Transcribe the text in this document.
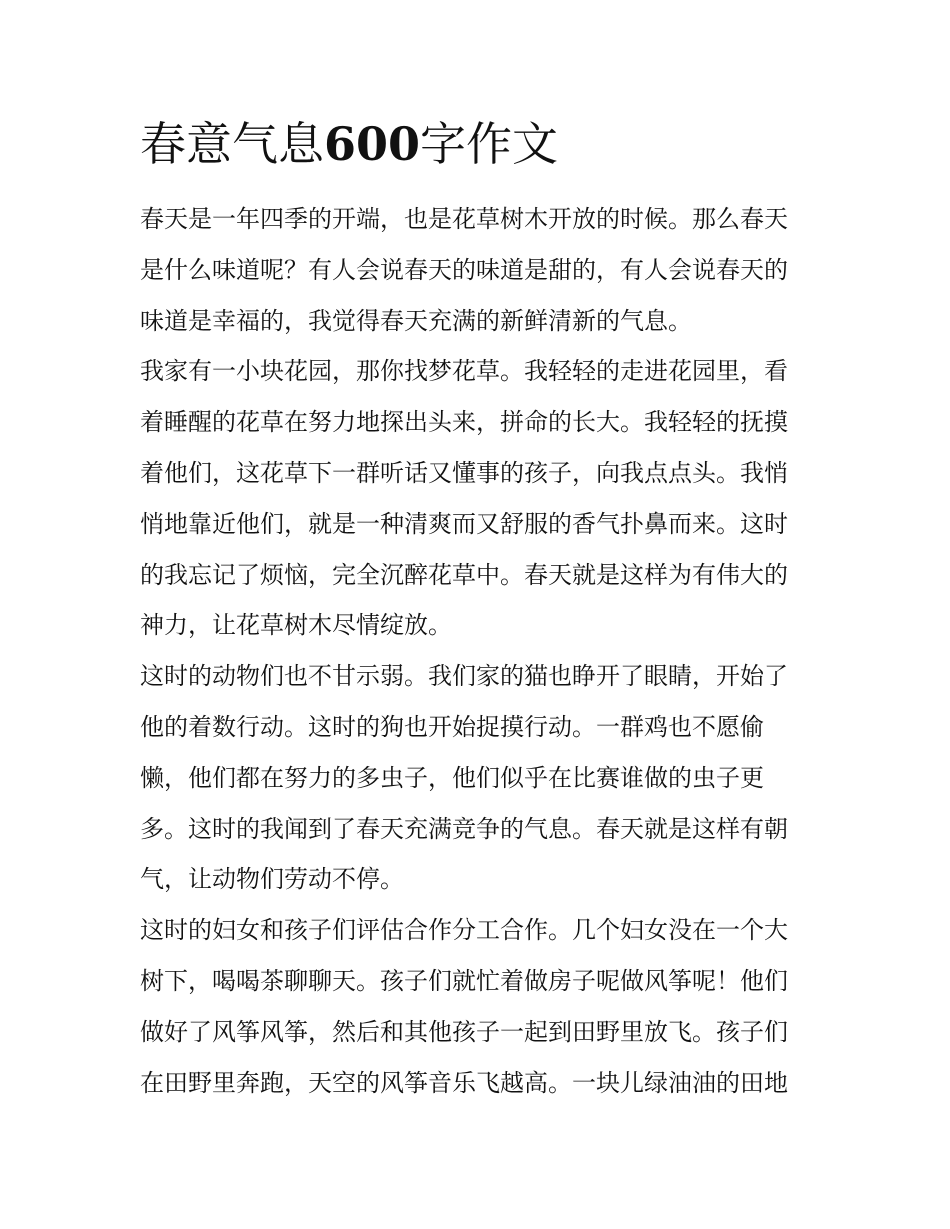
春意气息600字作文

春天是一年四季的开端，也是花草树木开放的时候。那么春天
是什么味道呢？有人会说春天的味道是甜的，有人会说春天的
味道是幸福的，我觉得春天充满的新鲜清新的气息。

我家有一小块花园，那你找梦花草。我轻轻的走进花园里，看
着睡醒的花草在努力地探出头来，拼命的长大。我轻轻的抚摸
着他们，这花草下一群听话又懂事的孩子，向我点点头。我悄
悄地靠近他们，就是一种清爽而又舒服的香气扑鼻而来。这时
的我忘记了烦恼，完全沉醉花草中。春天就是这样为有伟大的
神力，让花草树木尽情绽放。

这时的动物们也不甘示弱。我们家的猫也睁开了眼睛，开始了
他的着数行动。这时的狗也开始捉摸行动。一群鸡也不愿偷
懒，他们都在努力的多虫子，他们似乎在比赛谁做的虫子更
多。这时的我闻到了春天充满竞争的气息。春天就是这样有朝
气，让动物们劳动不停。

这时的妇女和孩子们评估合作分工合作。几个妇女没在一个大
树下，喝喝茶聊聊天。孩子们就忙着做房子呢做风筝呢！他们
做好了风筝风筝，然后和其他孩子一起到田野里放飞。孩子们
在田野里奔跑，天空的风筝音乐飞越高。一块儿绿油油的田地
